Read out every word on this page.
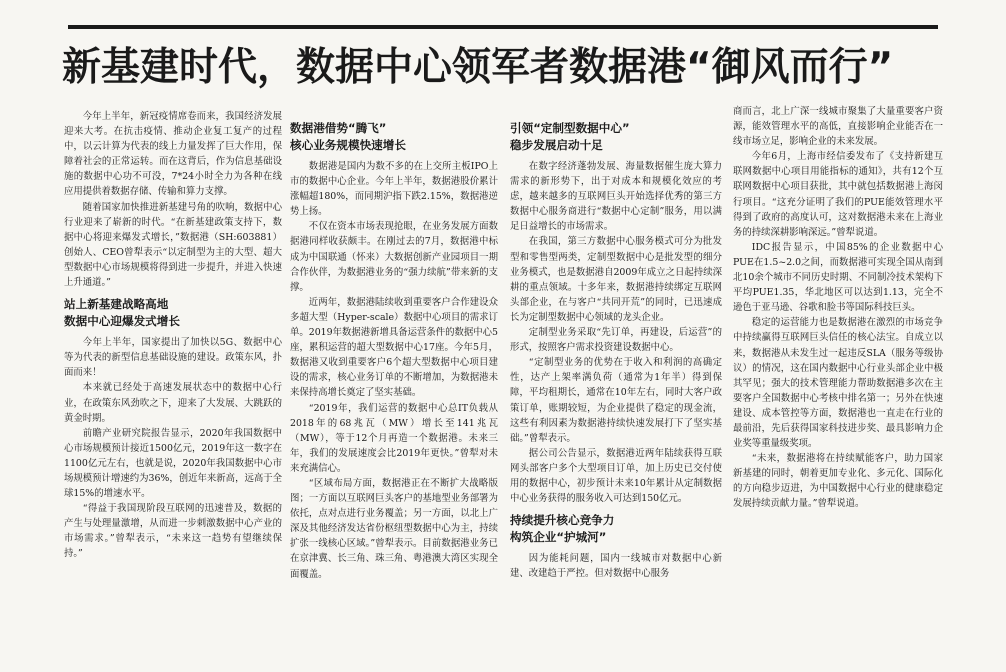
新基建时代，数据中心领军者数据港“御风而行”

今年上半年，新冠疫情席卷而来，我国经济发展迎来大考。在抗击疫情、推动企业复工复产的过程中，以云计算为代表的线上力量发挥了巨大作用，保障着社会的正常运转。而在这背后，作为信息基础设施的数据中心功不可没，7*24小时全力为各种在线应用提供着数据存储、传输和算力支撑。

随着国家加快推进新基建号角的吹响，数据中心行业迎来了崭新的时代。“在新基建政策支持下，数据中心将迎来爆发式增长，”数据港（SH:603881）创始人、CEO曾犁表示“以定制型为主的大型、超大型数据中心市场规模将得到进一步提升，并进入快速上升通道。”

站上新基建战略高地

数据中心迎爆发式增长

今年上半年，国家提出了加快以5G、数据中心等为代表的新型信息基础设施的建设。政策东风，扑面而来！

本来就已经处于高速发展状态中的数据中心行业，在政策东风劲吹之下，迎来了大发展、大跳跃的黄金时期。

前瞻产业研究院报告显示，2020年我国数据中心市场规模预计接近1500亿元，2019年这一数字在1100亿元左右，也就是说，2020年我国数据中心市场规模预计增速约为36%，创近年来新高，远高于全球15%的增速水平。

“得益于我国现阶段互联网的迅速普及，数据的产生与处理量激增，从而进一步刺激数据中心产业的市场需求。”曾犁表示，“未来这一趋势有望继续保持。”

数据港借势“腾飞”

核心业务规模快速增长

数据港是国内为数不多的在上交所主板IPO上市的数据中心企业。今年上半年，数据港股价累计涨幅超180%，而同期沪指下跌2.15%，数据港逆势上扬。

不仅在资本市场表现抢眼，在业务发展方面数据港同样收获颇丰。在刚过去的7月，数据港中标成为中国联通（怀来）大数据创新产业园项目一期合作伙伴，为数据港业务的“强力续航”带来新的支撑。

近两年，数据港陆续收到重要客户合作建设众多超大型（Hyper-scale）数据中心项目的需求订单。2019年数据港新增具备运营条件的数据中心5座，累积运营的超大型数据中心17座。今年5月，数据港又收到重要客户6个超大型数据中心项目建设的需求，核心业务订单的不断增加，为数据港未来保持高增长奠定了坚实基础。

“2019年，我们运营的数据中心总IT负载从2018年的68兆瓦（MW）增长至141兆瓦（MW），等于12个月再造一个数据港。未来三年，我们的发展速度会比2019年更快。”曾犁对未来充满信心。

“区域布局方面，数据港正在不断扩大战略版图；一方面以互联网巨头客户的基地型业务部署为依托，点对点进行业务覆盖；另一方面，以北上广深及其他经济发达省份枢纽型数据中心为主，持续扩张一线核心区域。”曾犁表示。目前数据港业务已在京津冀、长三角、珠三角、粤港澳大湾区实现全面覆盖。

引领“定制型数据中心”

稳步发展启动十足

在数字经济蓬勃发展、海量数据催生庞大算力需求的新形势下，出于对成本和规模化效应的考虑，越来越多的互联网巨头开始选择优秀的第三方数据中心服务商进行“数据中心定制”服务，用以满足日益增长的市场需求。

在我国，第三方数据中心服务模式可分为批发型和零售型两类，定制型数据中心是批发型的细分业务模式，也是数据港自2009年成立之日起持续深耕的重点领域。十多年来，数据港持续绑定互联网头部企业，在与客户“共同开荒”的同时，已迅速成长为定制型数据中心领域的龙头企业。

定制型业务采取“先订单，再建设，后运营”的形式，按照客户需求投资建设数据中心。

“定制型业务的优势在于收入和利润的高确定性，达产上架率满负荷（通常为1年半）得到保障，平均租期长，通常在10年左右，同时大客户政策订单，账期较短，为企业提供了稳定的现金流，这些有利因素为数据港持续快速发展打下了坚实基础。”曾犁表示。

据公司公告显示，数据港近两年陆续获得互联网头部客户多个大型项目订单，加上历史已交付使用的数据中心，初步预计未来10年累计从定制数据中心业务获得的服务收入可达到150亿元。

持续提升核心竞争力

构筑企业“护城河”

因为能耗问题，国内一线城市对数据中心新建、改建趋于严控。但对数据中心服务

商而言，北上广深一线城市聚集了大量重要客户资源，能效管理水平的高低，直接影响企业能否在一线市场立足，影响企业的未来发展。

今年6月，上海市经信委发布了《支持新建互联网数据中心项目用能指标的通知》，共有12个互联网数据中心项目获批，其中就包括数据港上海闵行项目。“这充分证明了我们的PUE能效管理水平得到了政府的高度认可，这对数据港未来在上海业务的持续深耕影响深远。”曾犁说道。

IDC报告显示，中国85%的企业数据中心PUE在1.5~2.0之间，而数据港可实现全国从南到北10余个城市不同历史时期、不同制冷技术架构下平均PUE1.35，华北地区可以达到1.13，完全不逊色于亚马逊、谷歌和脸书等国际科技巨头。

稳定的运营能力也是数据港在激烈的市场竞争中持续赢得互联网巨头信任的核心法宝。自成立以来，数据港从未发生过一起违反SLA（服务等级协议）的情况，这在国内数据中心行业头部企业中极其罕见；强大的技术管理能力帮助数据港多次在主要客户全国数据中心考核中排名第一；另外在快速建设、成本管控等方面，数据港也一直走在行业的最前沿，先后获得国家科技进步奖、最具影响力企业奖等重量级奖项。

“未来，数据港将在持续赋能客户，助力国家新基建的同时，朝着更加专业化、多元化、国际化的方向稳步迈进，为中国数据中心行业的健康稳定发展持续贡献力量。”曾犁说道。
